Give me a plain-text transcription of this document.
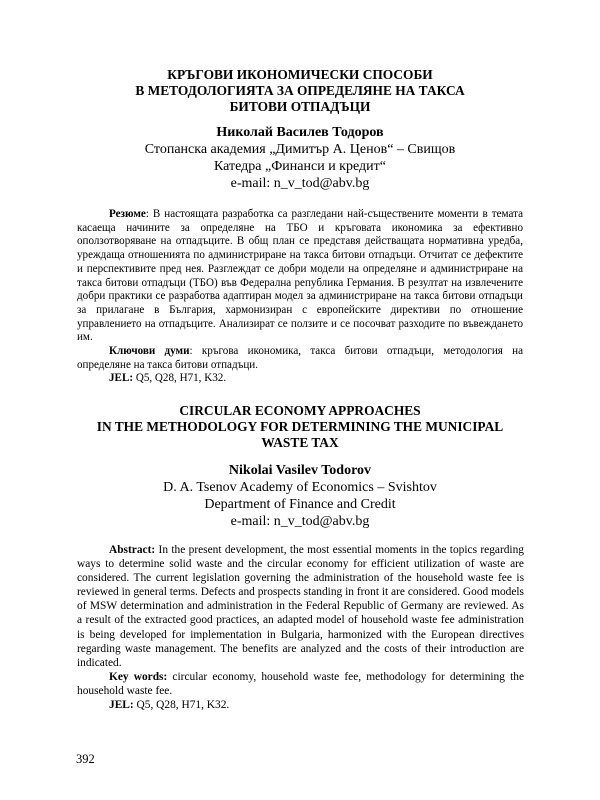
КРЪГОВИ ИКОНОМИЧЕСКИ СПОСОБИ
В МЕТОДОЛОГИЯТА ЗА ОПРЕДЕЛЯНЕ НА ТАКСА
БИТОВИ ОТПАДЪЦИ
Николай Василев Тодоров
Стопанска академия „Димитър А. Ценов“ – Свищов
Катедра „Финанси и кредит“
e-mail: n_v_tod@abv.bg

Резюме: В настоящата разработка са разгледани най-съществените моменти в темата касаеща начините за определяне на ТБО и кръговата икономика за ефективно оползотворяване на отпадъците. В общ план се представя действащата нормативна уредба, уреждаща отношенията по администриране на такса битови отпадъци. Отчитат се дефектите и перспективите пред нея. Разглеждат се добри модели на определяне и администриране на такса битови отпадъци (ТБО) във Федерална република Германия. В резултат на извлечените добри практики се разработва адаптиран модел за администриране на такса битови отпадъци за прилагане в България, хармонизиран с европейските директиви по отношение управлението на отпадъците. Анализират се ползите и се посочват разходите по въвеждането им.

Ключови думи: кръгова икономика, такса битови отпадъци, методология на определяне на такса битови отпадъци.

JEL: Q5, Q28, H71, K32.

CIRCULAR ECONOMY APPROACHES
IN THE METHODOLOGY FOR DETERMINING THE MUNICIPAL
WASTE TAX
Nikolai Vasilev Todorov
D. A. Tsenov Academy of Economics – Svishtov
Department of Finance and Credit
e-mail: n_v_tod@abv.bg

Abstract: In the present development, the most essential moments in the topics regarding ways to determine solid waste and the circular economy for efficient utilization of waste are considered. The current legislation governing the administration of the household waste fee is reviewed in general terms. Defects and prospects standing in front it are considered. Good models of MSW determination and administration in the Federal Republic of Germany are reviewed. As a result of the extracted good practices, an adapted model of household waste fee administration is being developed for implementation in Bulgaria, harmonized with the European directives regarding waste management. The benefits are analyzed and the costs of their introduction are indicated.

Key words: circular economy, household waste fee, methodology for determining the household waste fee.

JEL: Q5, Q28, H71, K32.

392
